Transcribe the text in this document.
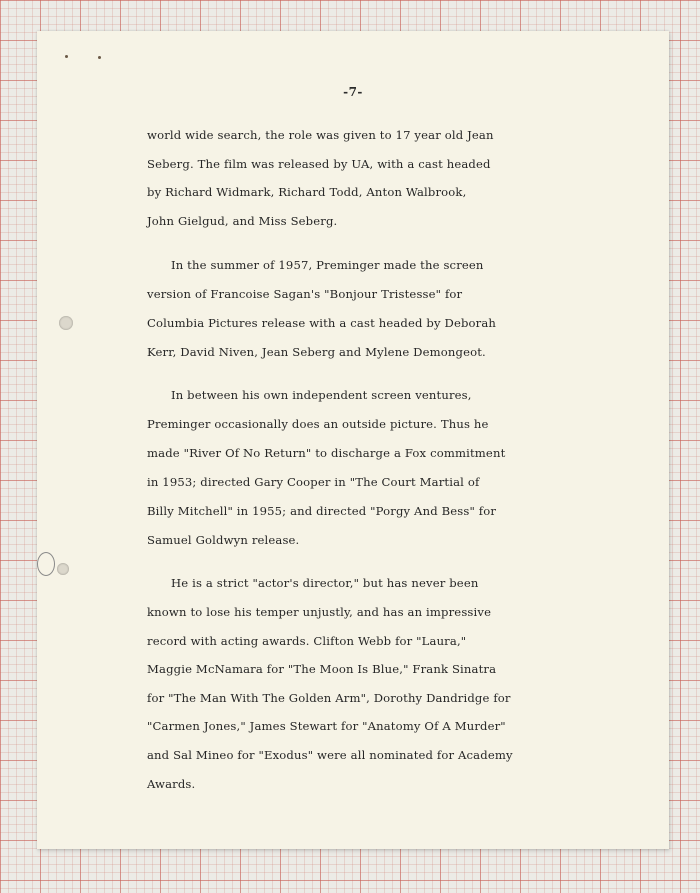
-7-
world wide search, the role was given to 17 year old Jean
Seberg. The film was released by UA, with a cast headed
by Richard Widmark, Richard Todd, Anton Walbrook,
John Gielgud, and Miss Seberg.
In the summer of 1957, Preminger made the screen
version of Francoise Sagan's "Bonjour Tristesse" for
Columbia Pictures release with a cast headed by Deborah
Kerr, David Niven, Jean Seberg and Mylene Demongeot.
In between his own independent screen ventures,
Preminger occasionally does an outside picture. Thus he
made "River Of No Return" to discharge a Fox commitment
in 1953; directed Gary Cooper in "The Court Martial of
Billy Mitchell" in 1955; and directed "Porgy And Bess" for
Samuel Goldwyn release.
He is a strict "actor's director," but has never been
known to lose his temper unjustly, and has an impressive
record with acting awards. Clifton Webb for "Laura,"
Maggie McNamara for "The Moon Is Blue," Frank Sinatra
for "The Man With The Golden Arm", Dorothy Dandridge for
"Carmen Jones," James Stewart for "Anatomy Of A Murder"
and Sal Mineo for "Exodus" were all nominated for Academy
Awards.
